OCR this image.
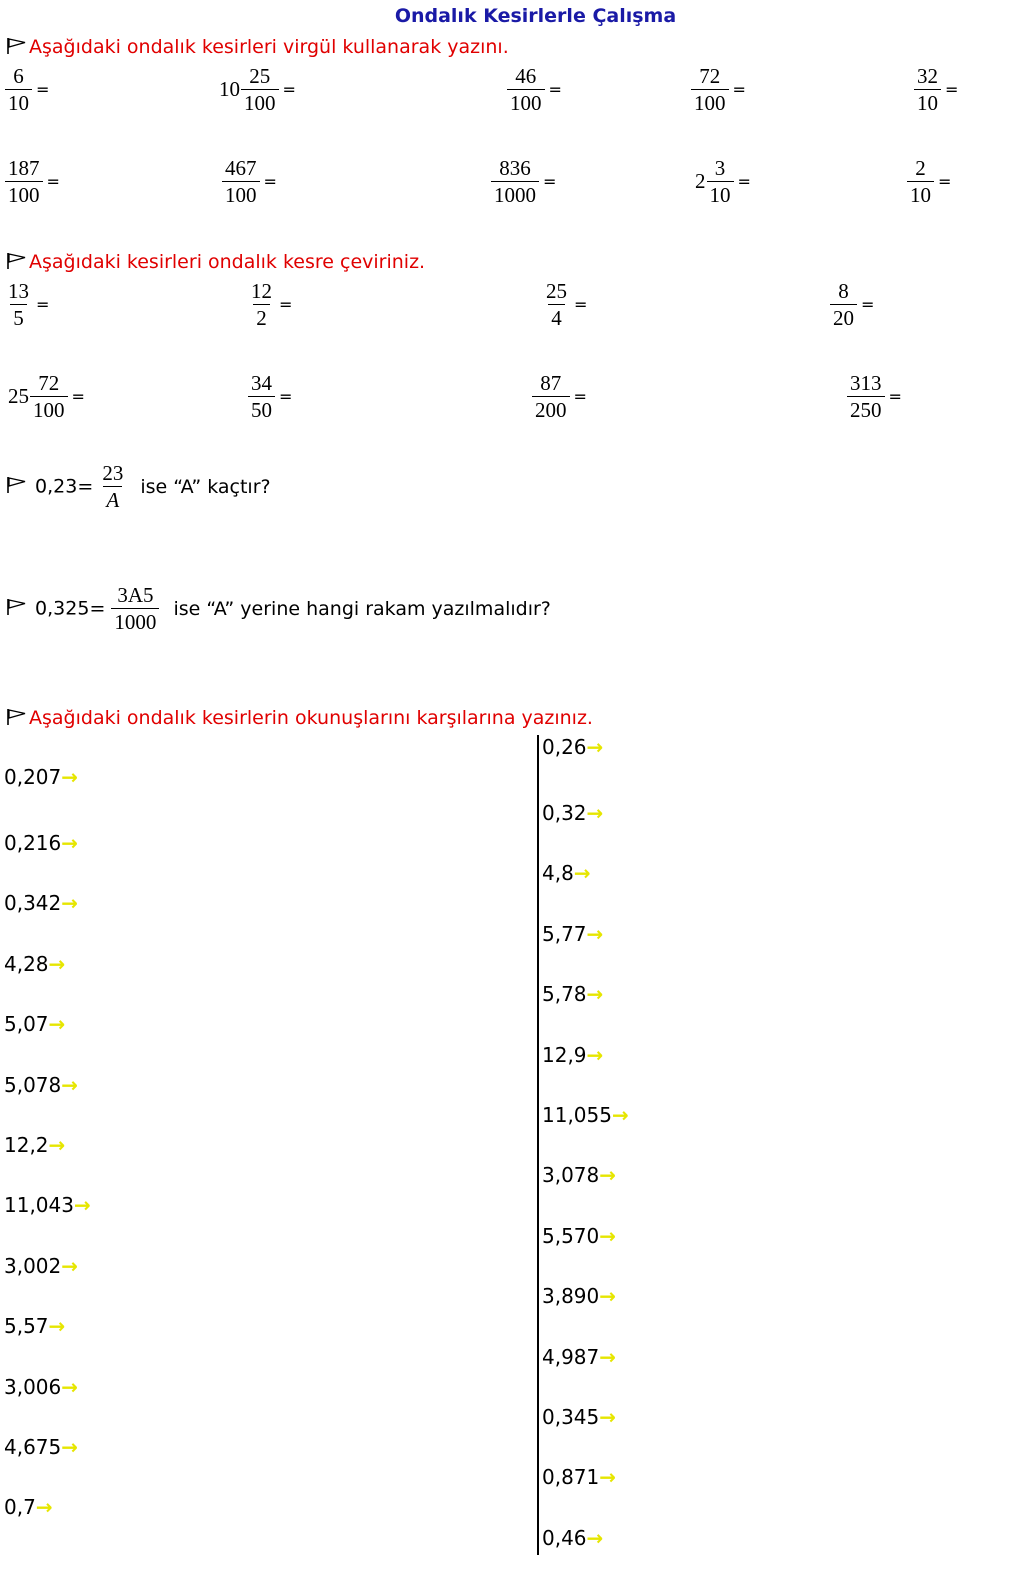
Ondalık Kesirlerle Çalışma
Aşağıdaki ondalık kesirleri virgül kullanarak yazını.
$\frac{6}{10}$ =	$10 \frac{25}{100}$ =	$\frac{46}{100}$ =	$\frac{72}{100}$ =	$\frac{32}{10}$ =
$\frac{187}{100}$ =	$\frac{467}{100}$ =	$\frac{836}{1000}$ =	$2 \frac{3}{10}$ =	$\frac{2}{10}$ =
Aşağıdaki kesirleri ondalık kesre çeviriniz.
$\frac{13}{5}$ =	$\frac{12}{2}$ =	$\frac{25}{4}$ =	$\frac{8}{20}$ =
$25 \frac{72}{100}$ =	$\frac{34}{50}$ =	$\frac{87}{200}$ =	$\frac{313}{250}$ =
$0,23= \frac{23}{A}$ ise “A” kaçtır?
$0,325= \frac{3A5}{1000}$ ise “A” yerine hangi rakam yazılmalıdır?
Aşağıdaki ondalık kesirlerin okunuşlarını karşılarına yazınız.
0,207→
0,216→
0,342→
4,28→
5,07→
5,078→
12,2→
11,043→
3,002→
5,57→
3,006→
4,675→
0,7→
0,26→
0,32→
4,8→
5,77→
5,78→
12,9→
11,055→
3,078→
5,570→
3,890→
4,987→
0,345→
0,871→
0,46→
